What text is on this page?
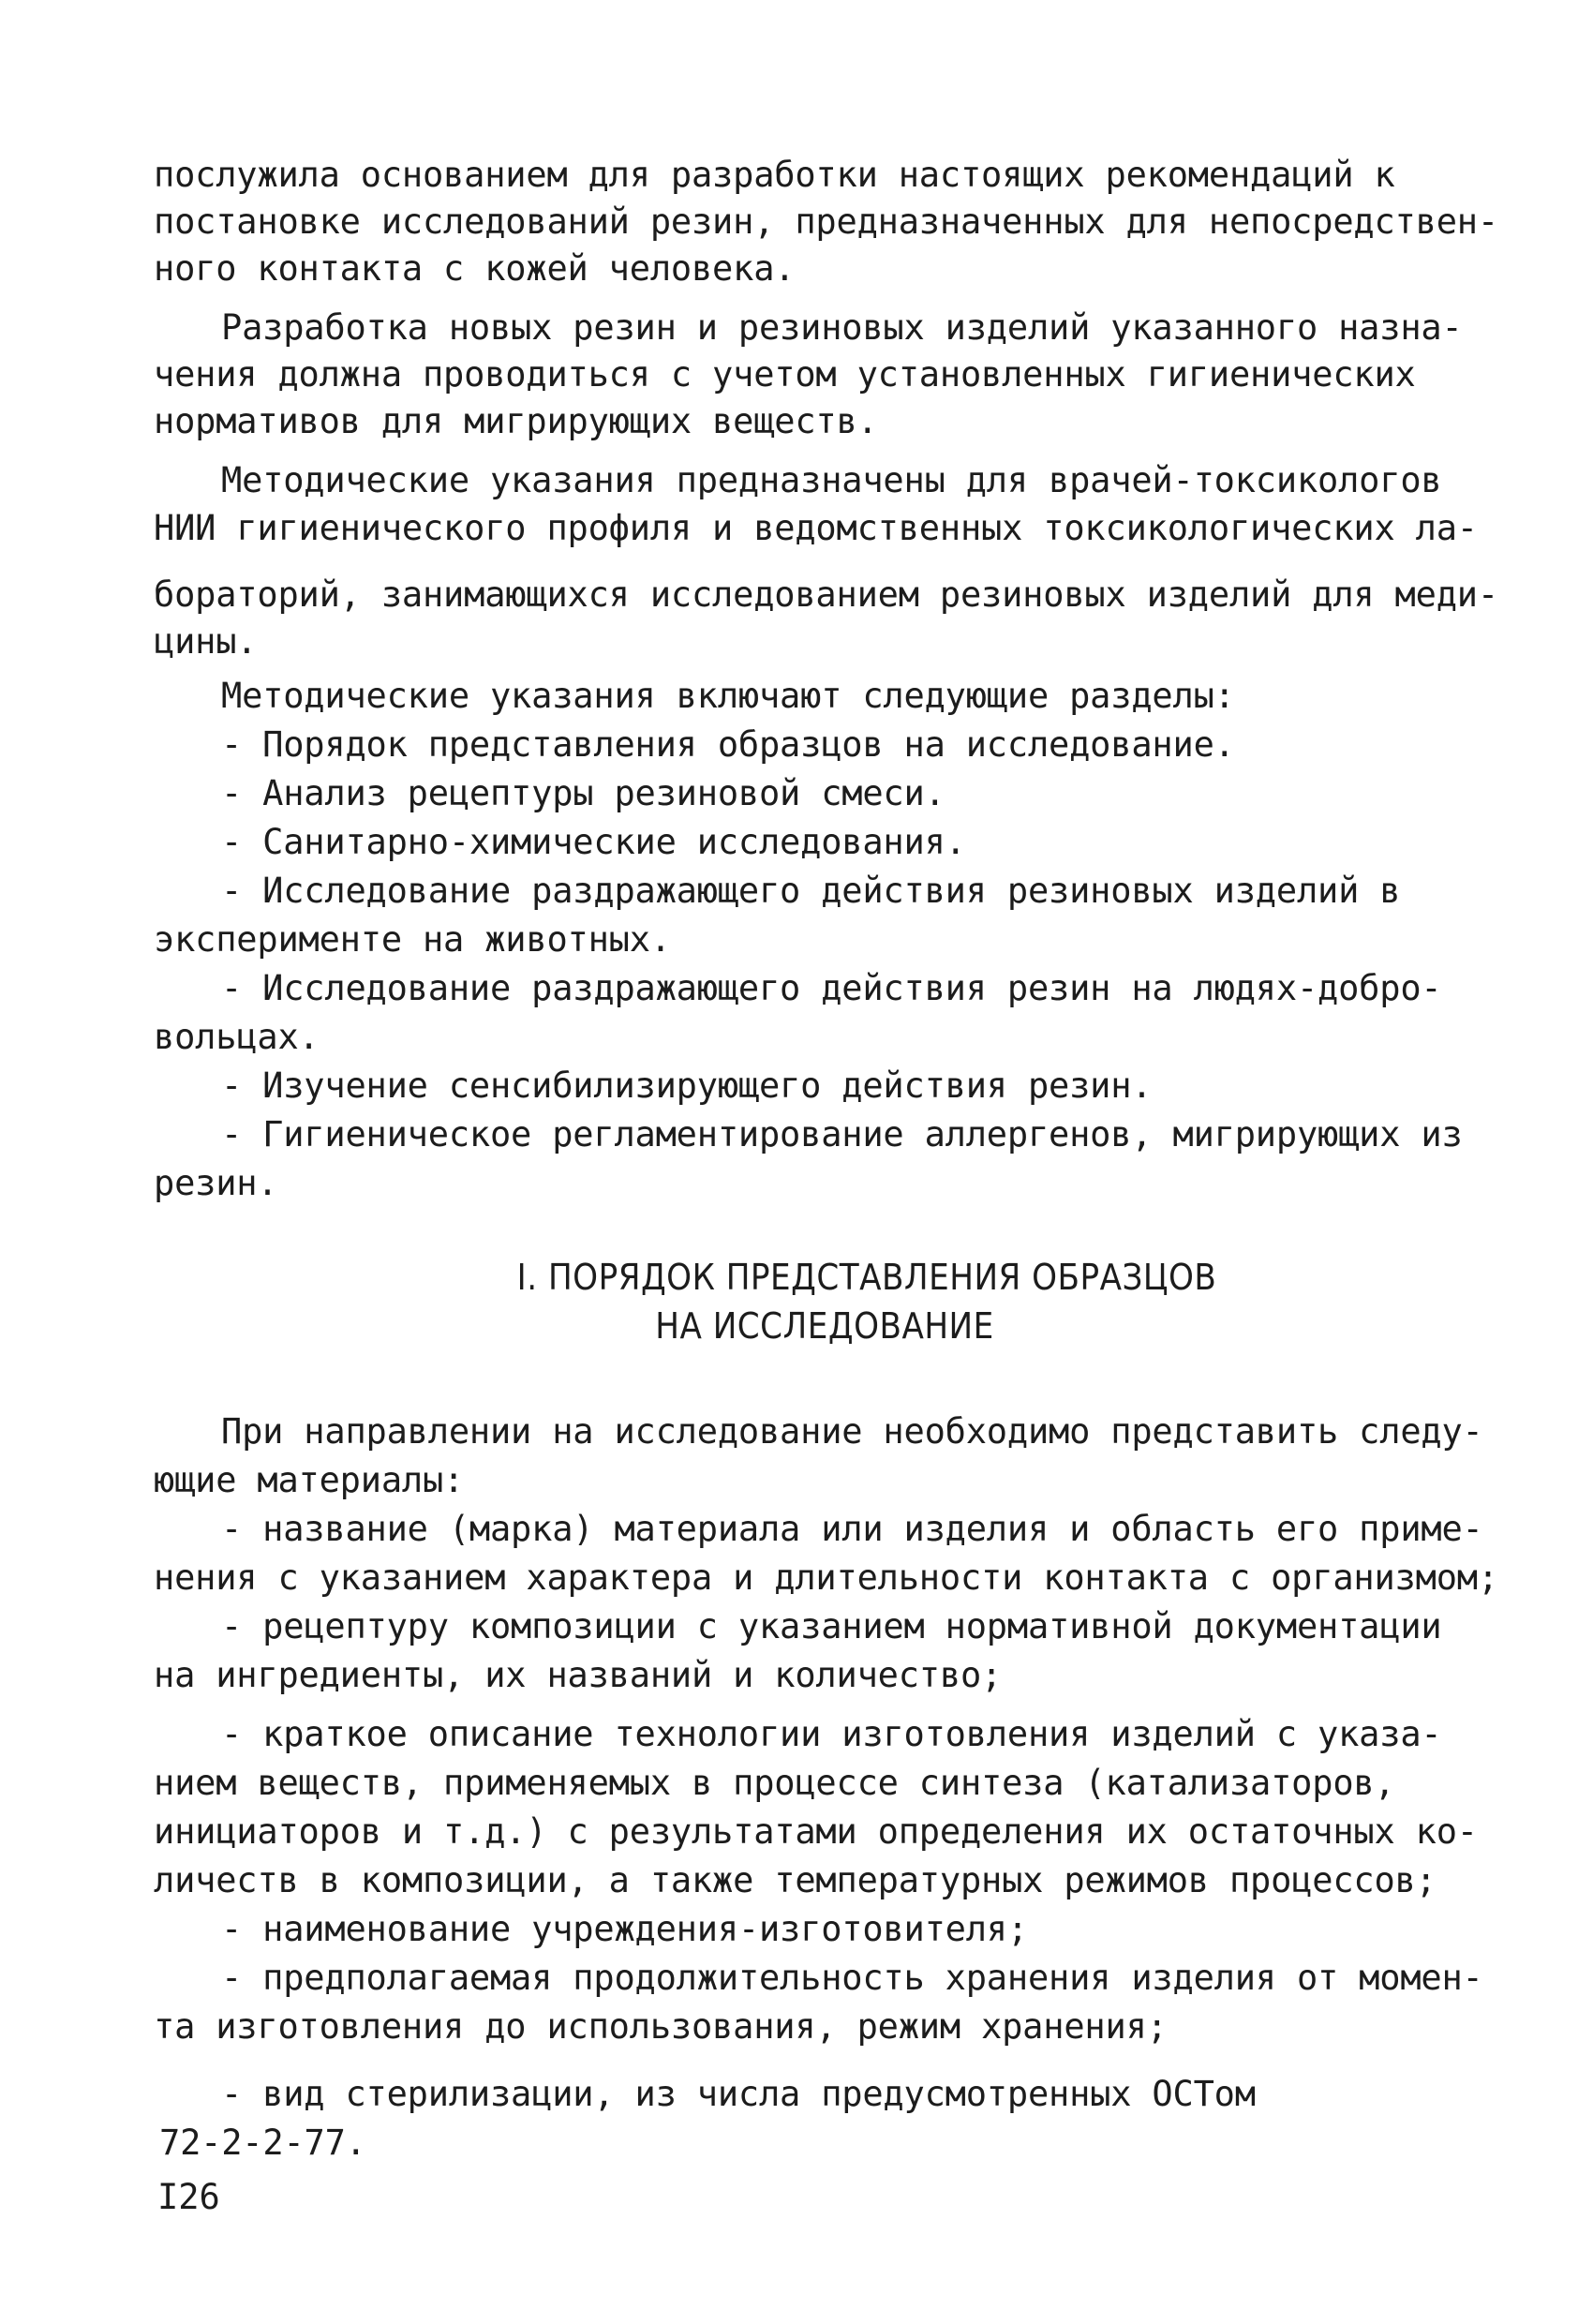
послужила основанием для разработки настоящих рекомендаций к
постановке исследований резин, предназначенных для непосредствен-
ного контакта с кожей человека.
Разработка новых резин и резиновых изделий указанного назна-
чения должна проводиться с учетом установленных гигиенических
нормативов для мигрирующих веществ.
Методические указания предназначены для врачей-токсикологов
НИИ гигиенического профиля и ведомственных токсикологических ла-
бораторий, занимающихся исследованием резиновых изделий для меди-
цины.
Методические указания включают следующие разделы:
- Порядок представления образцов на исследование.
- Анализ рецептуры резиновой смеси.
- Санитарно-химические исследования.
- Исследование раздражающего действия резиновых изделий в
эксперименте на животных.
- Исследование раздражающего действия резин на людях-добро-
вольцах.
- Изучение сенсибилизирующего действия резин.
- Гигиеническое регламентирование аллергенов, мигрирующих из
резин.
I. ПОРЯДОК ПРЕДСТАВЛЕНИЯ ОБРАЗЦОВ
НА ИССЛЕДОВАНИЕ
При направлении на исследование необходимо представить следу-
ющие материалы:
- название (марка) материала или изделия и область его приме-
нения с указанием характера и длительности контакта с организмом;
- рецептуру композиции с указанием нормативной документации
на ингредиенты, их названий и количество;
- краткое описание технологии изготовления изделий с указа-
нием веществ, применяемых в процессе синтеза (катализаторов,
инициаторов и т.д.) с результатами определения их остаточных ко-
личеств в композиции, а также температурных режимов процессов;
- наименование учреждения-изготовителя;
- предполагаемая продолжительность хранения изделия от момен-
та изготовления до использования, режим хранения;
- вид стерилизации, из числа предусмотренных ОСТом
72-2-2-77.
I26
